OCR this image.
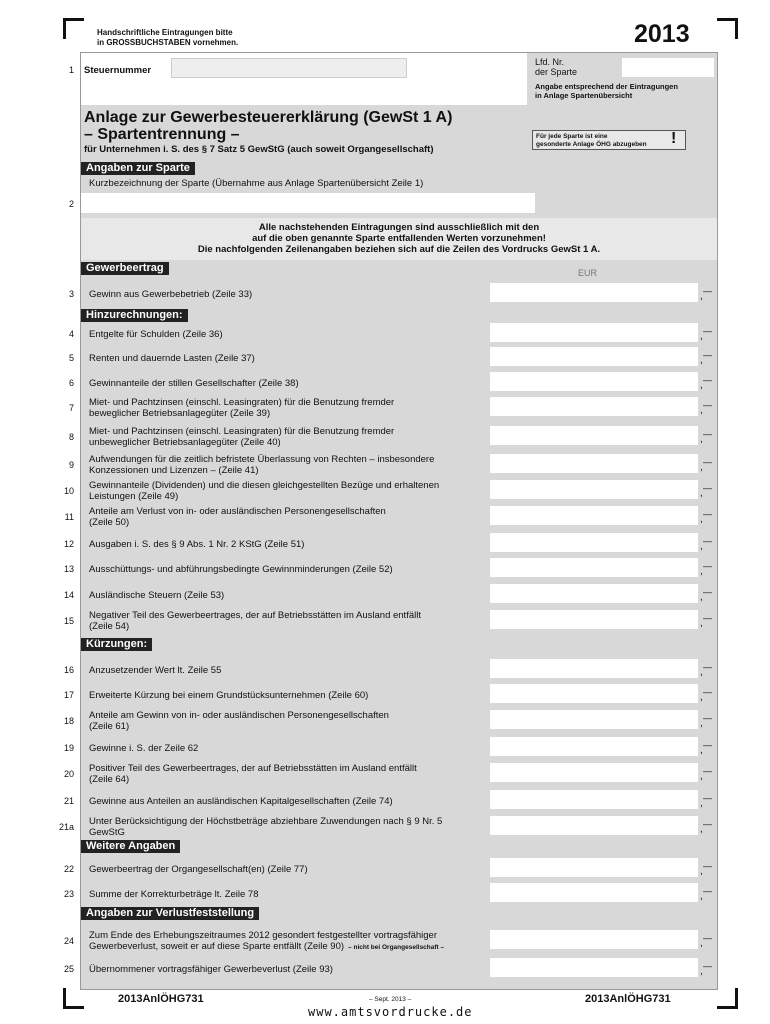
Handschriftliche Eintragungen bitte
in GROSSBUCHSTABEN vornehmen.	2013
1 Steuernummer
Lfd. Nr.
der Sparte
Angabe entsprechend der Eintragungen
in Anlage Spartenübersicht
Anlage zur Gewerbesteuererklärung (GewSt 1 A)
– Spartentrennung –
für Unternehmen i. S. des § 7 Satz 5 GewStG (auch soweit Organgesellschaft)
Für jede Sparte ist eine
gesonderte Anlage ÖHG abzugeben	!
Angaben zur Sparte
Kurzbezeichnung der Sparte (Übernahme aus Anlage Spartenübersicht Zeile 1)
2
Alle nachstehenden Eintragungen sind ausschließlich mit den
auf die oben genannte Sparte entfallenden Werten vorzunehmen!
Die nachfolgenden Zeilenangaben beziehen sich auf die Zeilen des Vordrucks GewSt 1 A.
Gewerbeertrag	EUR
3 Gewinn aus Gewerbebetrieb (Zeile 33)	, —
4 Entgelte für Schulden (Zeile 36)	, —
5 Renten und dauernde Lasten (Zeile 37)	, —
6 Gewinnanteile der stillen Gesellschafter (Zeile 38)	, —
7 Miet- und Pachtzinsen (einschl. Leasingraten) für die Benutzung fremder
beweglicher Betriebsanlagegüter (Zeile 39)	, —
8 Miet- und Pachtzinsen (einschl. Leasingraten) für die Benutzung fremder
unbeweglicher Betriebsanlagegüter (Zeile 40)	, —
9 Aufwendungen für die zeitlich befristete Überlassung von Rechten – insbesondere
Konzessionen und Lizenzen – (Zeile 41)	, —
10 Gewinnanteile (Dividenden) und die diesen gleichgestellten Bezüge und erhaltenen
Leistungen (Zeile 49)	, —
11 Anteile am Verlust von in- oder ausländischen Personengesellschaften
(Zeile 50)	, —
12 Ausgaben i. S. des § 9 Abs. 1 Nr. 2 KStG (Zeile 51)	, —
13 Ausschüttungs- und abführungsbedingte Gewinnminderungen (Zeile 52)	, —
14 Ausländische Steuern (Zeile 53)	, —
15 Negativer Teil des Gewerbeertrages, der auf Betriebsstätten im Ausland entfällt
(Zeile 54)	, —
16 Anzusetzender Wert lt. Zeile 55	, —
17 Erweiterte Kürzung bei einem Grundstücksunternehmen (Zeile 60)	, —
18 Anteile am Gewinn von in- oder ausländischen Personengesellschaften
(Zeile 61)	, —
19 Gewinne i. S. der Zeile 62	, —
20 Positiver Teil des Gewerbeertrages, der auf Betriebsstätten im Ausland entfällt
(Zeile 64)	, —
21 Gewinne aus Anteilen an ausländischen Kapitalgesellschaften (Zeile 74)	, —
21a Unter Berücksichtigung der Höchstbeträge abziehbare Zuwendungen nach § 9 Nr. 5
GewStG	, —
22 Gewerbeertrag der Organgesellschaft(en) (Zeile 77)	, —
23 Summe der Korrekturbeträge lt. Zeile 78	, —
24 Zum Ende des Erhebungszeitraumes 2012 gesondert festgestellter vortragsfähiger
Gewerbeverlust, soweit er auf diese Sparte entfällt (Zeile 90) – nicht bei Organgesellschaft –	, —
25 Übernommener vortragsfähiger Gewerbeverlust (Zeile 93)	, —
Hinzurechnungen:
Kürzungen:
Weitere Angaben
Angaben zur Verlustfeststellung
2013AnlÖHG731	– Sept. 2013 –	2013AnlÖHG731
www.amtsvordrucke.de
